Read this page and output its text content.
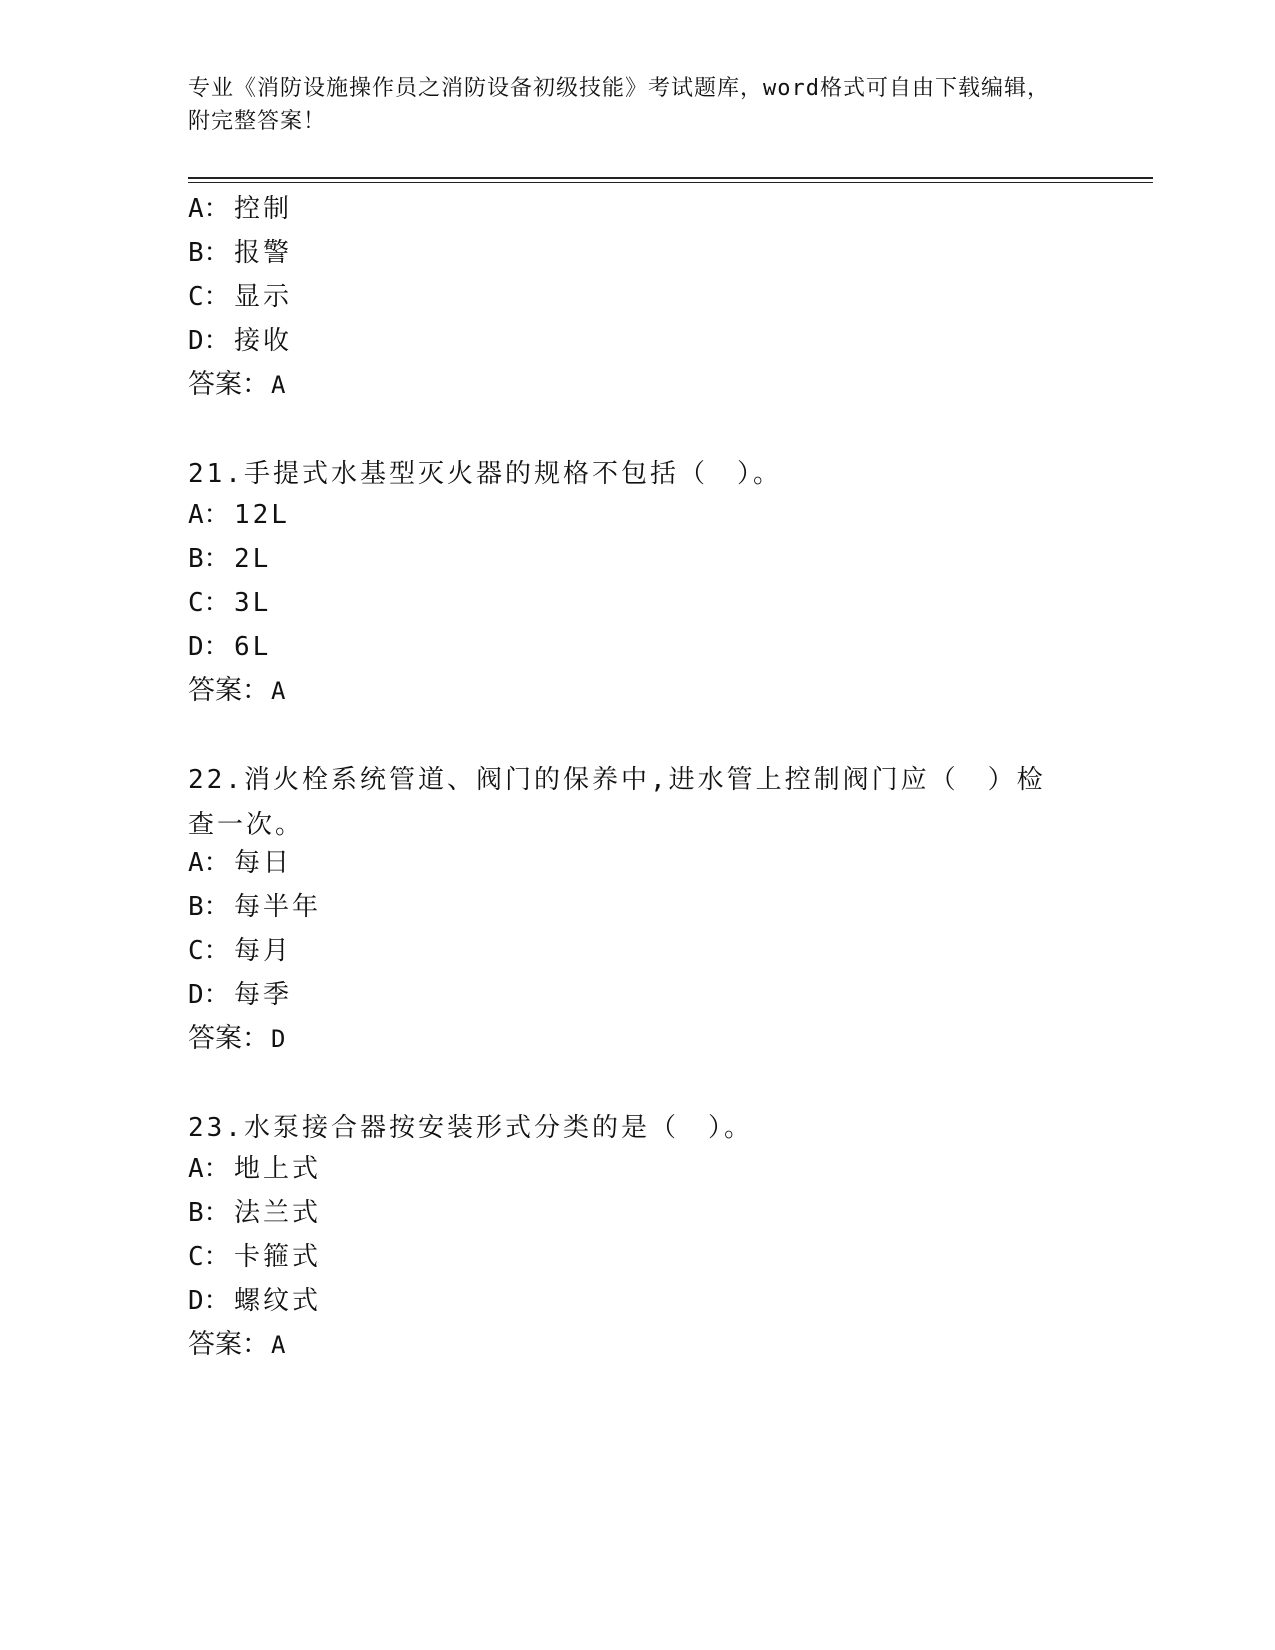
专业《消防设施操作员之消防设备初级技能》考试题库，word格式可自由下载编辑，附完整答案！
A： 控制
B： 报警
C： 显示
D： 接收
答案：A
21.手提式水基型灭火器的规格不包括（　）。
A： 12L
B： 2L
C： 3L
D： 6L
答案：A
22.消火栓系统管道、阀门的保养中,进水管上控制阀门应（　）检查一次。
A： 每日
B： 每半年
C： 每月
D： 每季
答案：D
23.水泵接合器按安装形式分类的是（　）。
A： 地上式
B： 法兰式
C： 卡箍式
D： 螺纹式
答案：A
